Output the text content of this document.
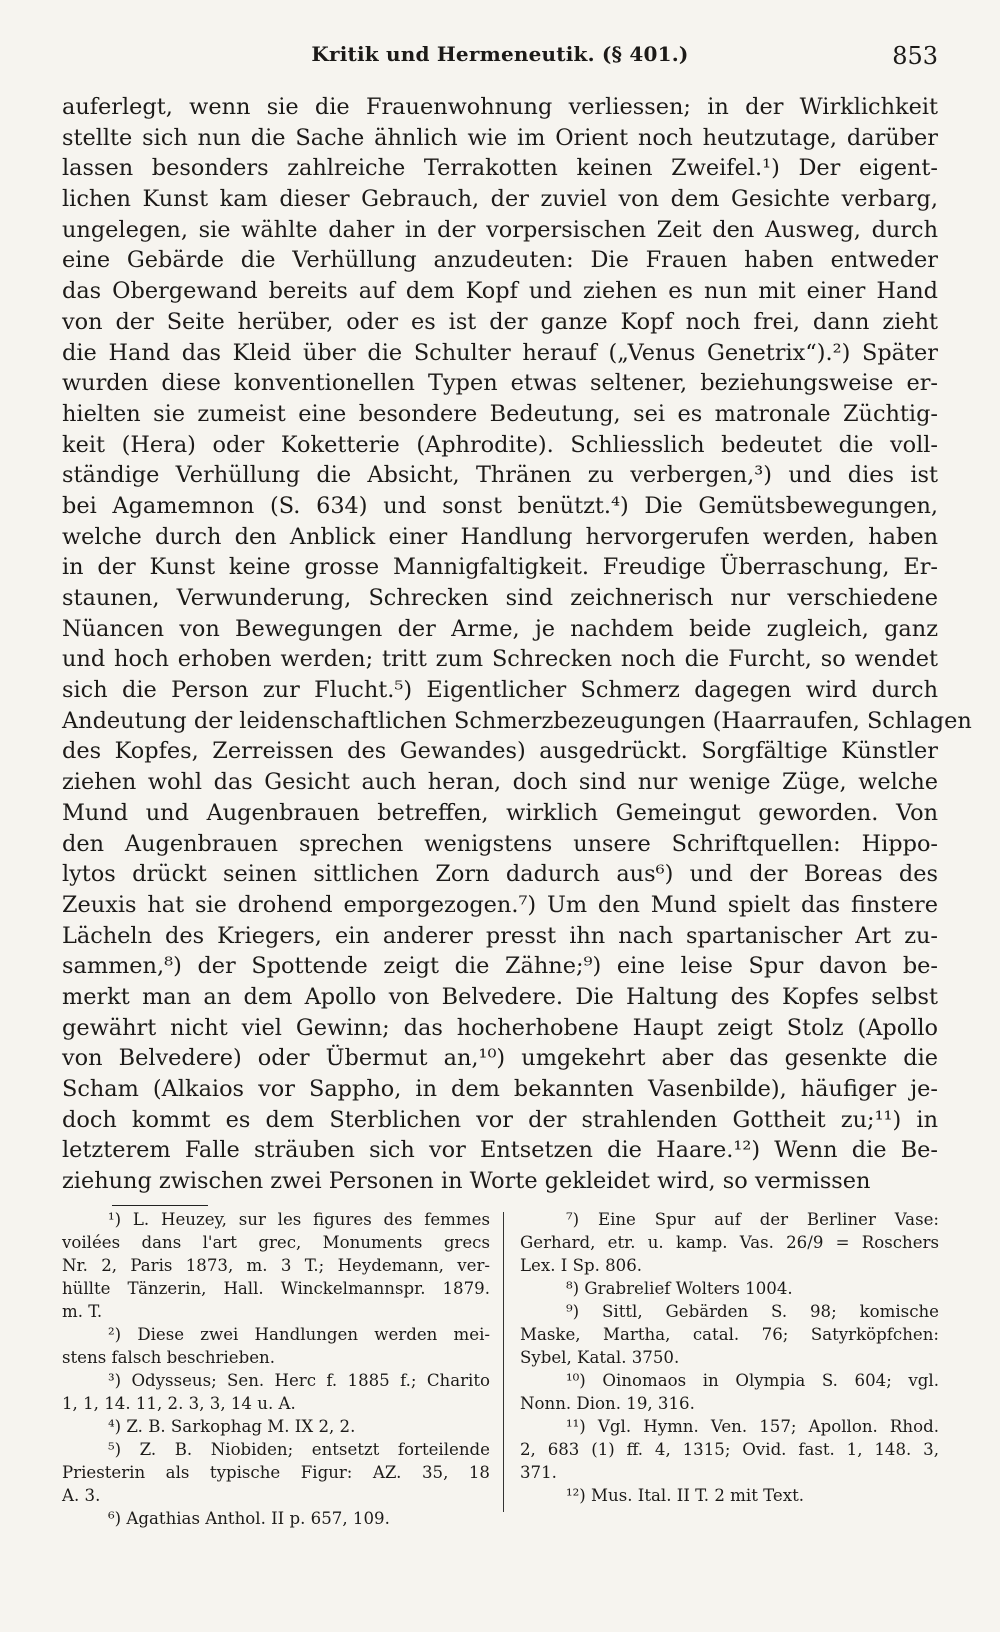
Kritik und Hermeneutik. (§ 401.)	853
auferlegt, wenn sie die Frauenwohnung verliessen; in der Wirklichkeit
stellte sich nun die Sache ähnlich wie im Orient noch heutzutage, darüber
lassen besonders zahlreiche Terrakotten keinen Zweifel.¹) Der eigent-
lichen Kunst kam dieser Gebrauch, der zuviel von dem Gesichte verbarg,
ungelegen, sie wählte daher in der vorpersischen Zeit den Ausweg, durch
eine Gebärde die Verhüllung anzudeuten: Die Frauen haben entweder
das Obergewand bereits auf dem Kopf und ziehen es nun mit einer Hand
von der Seite herüber, oder es ist der ganze Kopf noch frei, dann zieht
die Hand das Kleid über die Schulter herauf („Venus Genetrix“).²) Später
wurden diese konventionellen Typen etwas seltener, beziehungsweise er-
hielten sie zumeist eine besondere Bedeutung, sei es matronale Züchtig-
keit (Hera) oder Koketterie (Aphrodite). Schliesslich bedeutet die voll-
ständige Verhüllung die Absicht, Thränen zu verbergen,³) und dies ist
bei Agamemnon (S. 634) und sonst benützt.⁴) Die Gemütsbewegungen,
welche durch den Anblick einer Handlung hervorgerufen werden, haben
in der Kunst keine grosse Mannigfaltigkeit. Freudige Überraschung, Er-
staunen, Verwunderung, Schrecken sind zeichnerisch nur verschiedene
Nüancen von Bewegungen der Arme, je nachdem beide zugleich, ganz
und hoch erhoben werden; tritt zum Schrecken noch die Furcht, so wendet
sich die Person zur Flucht.⁵) Eigentlicher Schmerz dagegen wird durch
Andeutung der leidenschaftlichen Schmerzbezeugungen (Haarraufen, Schlagen
des Kopfes, Zerreissen des Gewandes) ausgedrückt. Sorgfältige Künstler
ziehen wohl das Gesicht auch heran, doch sind nur wenige Züge, welche
Mund und Augenbrauen betreffen, wirklich Gemeingut geworden. Von
den Augenbrauen sprechen wenigstens unsere Schriftquellen: Hippo-
lytos drückt seinen sittlichen Zorn dadurch aus⁶) und der Boreas des
Zeuxis hat sie drohend emporgezogen.⁷) Um den Mund spielt das finstere
Lächeln des Kriegers, ein anderer presst ihn nach spartanischer Art zu-
sammen,⁸) der Spottende zeigt die Zähne;⁹) eine leise Spur davon be-
merkt man an dem Apollo von Belvedere. Die Haltung des Kopfes selbst
gewährt nicht viel Gewinn; das hocherhobene Haupt zeigt Stolz (Apollo
von Belvedere) oder Übermut an,¹⁰) umgekehrt aber das gesenkte die
Scham (Alkaios vor Sappho, in dem bekannten Vasenbilde), häufiger je-
doch kommt es dem Sterblichen vor der strahlenden Gottheit zu;¹¹) in
letzterem Falle sträuben sich vor Entsetzen die Haare.¹²) Wenn die Be-
ziehung zwischen zwei Personen in Worte gekleidet wird, so vermissen
¹) L. Heuzey, sur les figures des femmes
voilées dans l'art grec, Monuments grecs
Nr. 2, Paris 1873, m. 3 T.; Heydemann, ver-
hüllte Tänzerin, Hall. Winckelmannspr. 1879.
m. T.
²) Diese zwei Handlungen werden mei-
stens falsch beschrieben.
³) Odysseus; Sen. Herc f. 1885 f.; Charito
1, 1, 14. 11, 2. 3, 3, 14 u. A.
⁴) Z. B. Sarkophag M. IX 2, 2.
⁵) Z. B. Niobiden; entsetzt forteilende
Priesterin als typische Figur: AZ. 35, 18
A. 3.
⁶) Agathias Anthol. II p. 657, 109.
⁷) Eine Spur auf der Berliner Vase:
Gerhard, etr. u. kamp. Vas. 26/9 = Roschers
Lex. I Sp. 806.
⁸) Grabrelief Wolters 1004.
⁹) Sittl, Gebärden S. 98; komische
Maske, Martha, catal. 76; Satyrköpfchen:
Sybel, Katal. 3750.
¹⁰) Oinomaos in Olympia S. 604; vgl.
Nonn. Dion. 19, 316.
¹¹) Vgl. Hymn. Ven. 157; Apollon. Rhod.
2, 683 (1) ff. 4, 1315; Ovid. fast. 1, 148. 3,
371.
¹²) Mus. Ital. II T. 2 mit Text.
